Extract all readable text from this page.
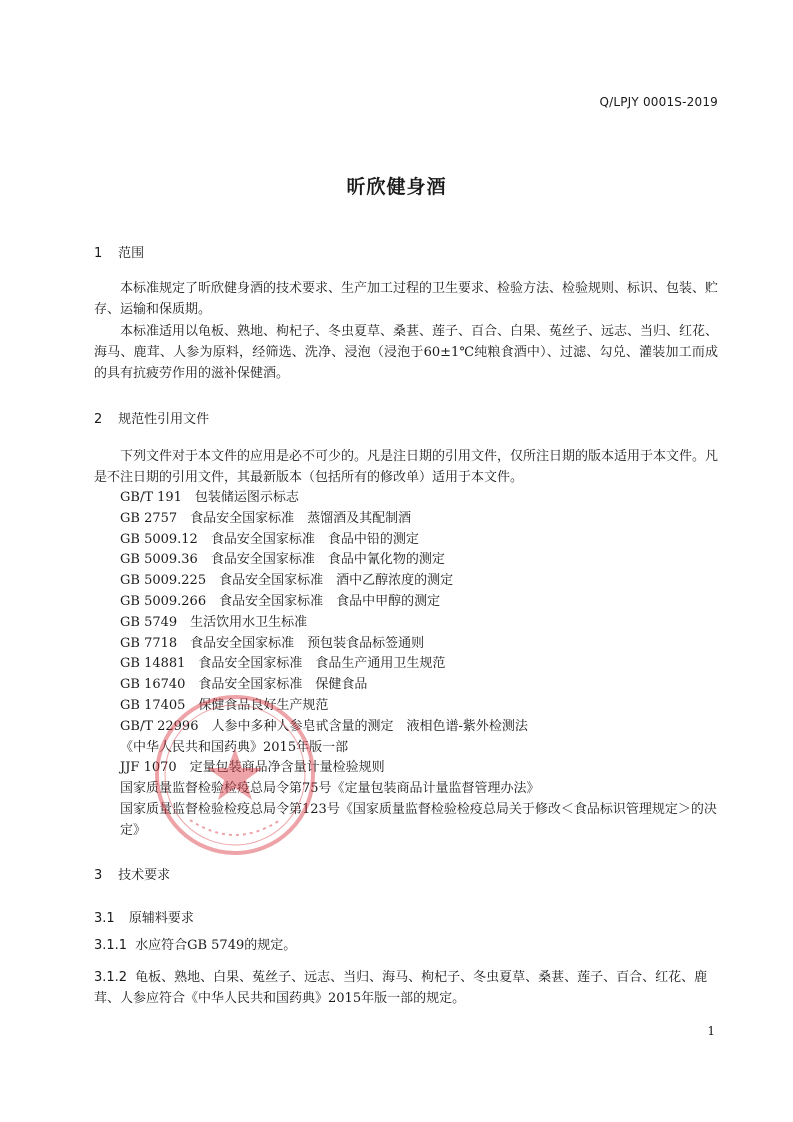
Q/LPJY 0001S-2019
昕欣健身酒
1 范围

本标准规定了昕欣健身酒的技术要求、生产加工过程的卫生要求、检验方法、检验规则、标识、包装、贮存、运输和保质期。

本标准适用以龟板、熟地、枸杞子、冬虫夏草、桑葚、莲子、百合、白果、菟丝子、远志、当归、红花、海马、鹿茸、人参为原料，经筛选、洗净、浸泡（浸泡于60±1℃纯粮食酒中）、过滤、勾兑、灌装加工而成的具有抗疲劳作用的滋补保健酒。

2 规范性引用文件

下列文件对于本文件的应用是必不可少的。凡是注日期的引用文件，仅所注日期的版本适用于本文件。凡是不注日期的引用文件，其最新版本（包括所有的修改单）适用于本文件。

GB/T 191　包装储运图示标志
GB 2757　食品安全国家标准　蒸馏酒及其配制酒
GB 5009.12　食品安全国家标准　食品中铅的测定
GB 5009.36　食品安全国家标准　食品中氰化物的测定
GB 5009.225　食品安全国家标准　酒中乙醇浓度的测定
GB 5009.266　食品安全国家标准　食品中甲醇的测定
GB 5749　生活饮用水卫生标准
GB 7718　食品安全国家标准　预包装食品标签通则
GB 14881　食品安全国家标准　食品生产通用卫生规范
GB 16740　食品安全国家标准　保健食品
GB 17405　保健食品良好生产规范
GB/T 22996　人参中多种人参皂甙含量的测定　液相色谱-紫外检测法
《中华人民共和国药典》2015年版一部
JJF 1070　定量包装商品净含量计量检验规则
国家质量监督检验检疫总局令第75号《定量包装商品计量监督管理办法》
国家质量监督检验检疫总局令第123号《国家质量监督检验检疫总局关于修改＜食品标识管理规定＞的决定》
3 技术要求
3.1 原辅料要求

3.1.1 水应符合GB 5749的规定。

3.1.2 龟板、熟地、白果、菟丝子、远志、当归、海马、枸杞子、冬虫夏草、桑葚、莲子、百合、红花、鹿茸、人参应符合《中华人民共和国药典》2015年版一部的规定。

1
